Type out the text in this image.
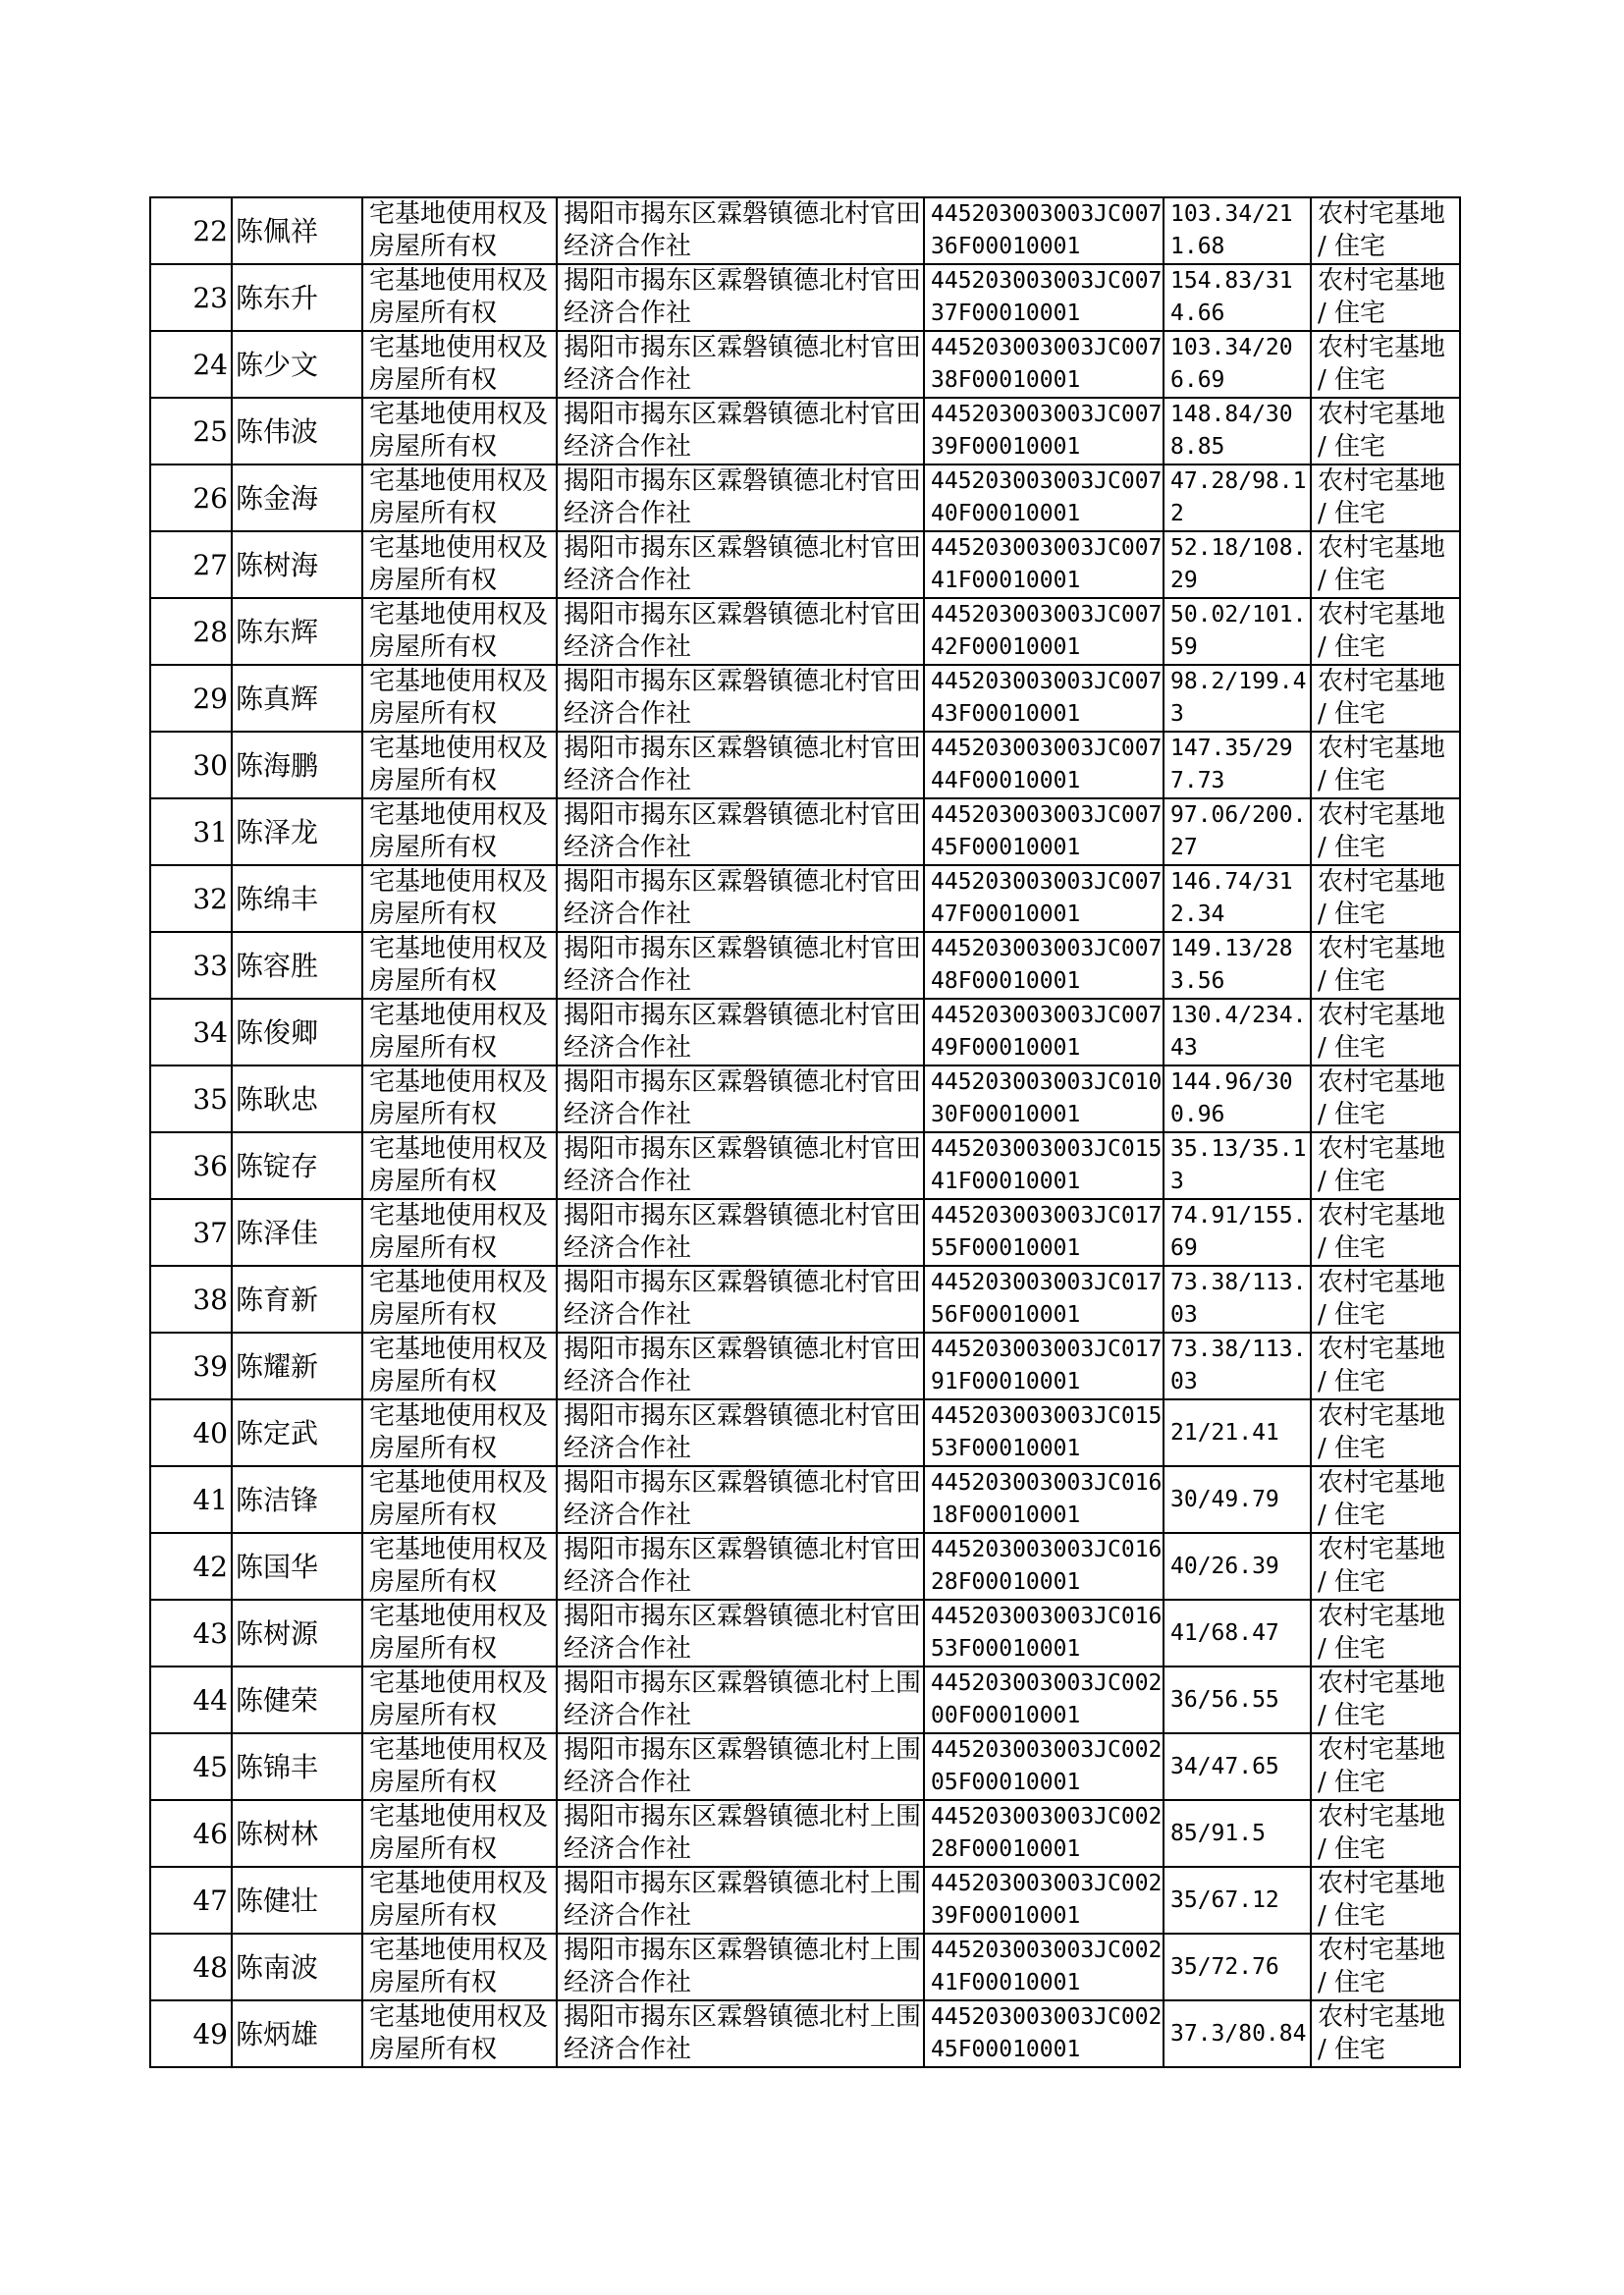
22	陈佩祥	宅基地使用权及房屋所有权	揭阳市揭东区霖磐镇德北村官田经济合作社	445203003003JC00736F00010001	103.34/211.68	农村宅基地 / 住宅

23	陈东升	宅基地使用权及房屋所有权	揭阳市揭东区霖磐镇德北村官田经济合作社	445203003003JC00737F00010001	154.83/314.66	农村宅基地 / 住宅

24	陈少文	宅基地使用权及房屋所有权	揭阳市揭东区霖磐镇德北村官田经济合作社	445203003003JC00738F00010001	103.34/206.69	农村宅基地 / 住宅

25	陈伟波	宅基地使用权及房屋所有权	揭阳市揭东区霖磐镇德北村官田经济合作社	445203003003JC00739F00010001	148.84/308.85	农村宅基地 / 住宅

26	陈金海	宅基地使用权及房屋所有权	揭阳市揭东区霖磐镇德北村官田经济合作社	445203003003JC00740F00010001	47.28/98.12	农村宅基地 / 住宅

27	陈树海	宅基地使用权及房屋所有权	揭阳市揭东区霖磐镇德北村官田经济合作社	445203003003JC00741F00010001	52.18/108.29	农村宅基地 / 住宅

28	陈东辉	宅基地使用权及房屋所有权	揭阳市揭东区霖磐镇德北村官田经济合作社	445203003003JC00742F00010001	50.02/101.59	农村宅基地 / 住宅

29	陈真辉	宅基地使用权及房屋所有权	揭阳市揭东区霖磐镇德北村官田经济合作社	445203003003JC00743F00010001	98.2/199.43	农村宅基地 / 住宅

30	陈海鹏	宅基地使用权及房屋所有权	揭阳市揭东区霖磐镇德北村官田经济合作社	445203003003JC00744F00010001	147.35/297.73	农村宅基地 / 住宅

31	陈泽龙	宅基地使用权及房屋所有权	揭阳市揭东区霖磐镇德北村官田经济合作社	445203003003JC00745F00010001	97.06/200.27	农村宅基地 / 住宅

32	陈绵丰	宅基地使用权及房屋所有权	揭阳市揭东区霖磐镇德北村官田经济合作社	445203003003JC00747F00010001	146.74/312.34	农村宅基地 / 住宅

33	陈容胜	宅基地使用权及房屋所有权	揭阳市揭东区霖磐镇德北村官田经济合作社	445203003003JC00748F00010001	149.13/283.56	农村宅基地 / 住宅

34	陈俊卿	宅基地使用权及房屋所有权	揭阳市揭东区霖磐镇德北村官田经济合作社	445203003003JC00749F00010001	130.4/234.43	农村宅基地 / 住宅

35	陈耿忠	宅基地使用权及房屋所有权	揭阳市揭东区霖磐镇德北村官田经济合作社	445203003003JC01030F00010001	144.96/300.96	农村宅基地 / 住宅

36	陈锭存	宅基地使用权及房屋所有权	揭阳市揭东区霖磐镇德北村官田经济合作社	445203003003JC01541F00010001	35.13/35.13	农村宅基地 / 住宅

37	陈泽佳	宅基地使用权及房屋所有权	揭阳市揭东区霖磐镇德北村官田经济合作社	445203003003JC01755F00010001	74.91/155.69	农村宅基地 / 住宅

38	陈育新	宅基地使用权及房屋所有权	揭阳市揭东区霖磐镇德北村官田经济合作社	445203003003JC01756F00010001	73.38/113.03	农村宅基地 / 住宅

39	陈耀新	宅基地使用权及房屋所有权	揭阳市揭东区霖磐镇德北村官田经济合作社	445203003003JC01791F00010001	73.38/113.03	农村宅基地 / 住宅

40	陈定武	宅基地使用权及房屋所有权	揭阳市揭东区霖磐镇德北村官田经济合作社	445203003003JC01553F00010001	21/21.41	农村宅基地 / 住宅

41	陈洁锋	宅基地使用权及房屋所有权	揭阳市揭东区霖磐镇德北村官田经济合作社	445203003003JC01618F00010001	30/49.79	农村宅基地 / 住宅

42	陈国华	宅基地使用权及房屋所有权	揭阳市揭东区霖磐镇德北村官田经济合作社	445203003003JC01628F00010001	40/26.39	农村宅基地 / 住宅

43	陈树源	宅基地使用权及房屋所有权	揭阳市揭东区霖磐镇德北村官田经济合作社	445203003003JC01653F00010001	41/68.47	农村宅基地 / 住宅

44	陈健荣	宅基地使用权及房屋所有权	揭阳市揭东区霖磐镇德北村上围经济合作社	445203003003JC00200F00010001	36/56.55	农村宅基地 / 住宅

45	陈锦丰	宅基地使用权及房屋所有权	揭阳市揭东区霖磐镇德北村上围经济合作社	445203003003JC00205F00010001	34/47.65	农村宅基地 / 住宅

46	陈树林	宅基地使用权及房屋所有权	揭阳市揭东区霖磐镇德北村上围经济合作社	445203003003JC00228F00010001	85/91.5	农村宅基地 / 住宅

47	陈健壮	宅基地使用权及房屋所有权	揭阳市揭东区霖磐镇德北村上围经济合作社	445203003003JC00239F00010001	35/67.12	农村宅基地 / 住宅

48	陈南波	宅基地使用权及房屋所有权	揭阳市揭东区霖磐镇德北村上围经济合作社	445203003003JC00241F00010001	35/72.76	农村宅基地 / 住宅

49	陈炳雄	宅基地使用权及房屋所有权	揭阳市揭东区霖磐镇德北村上围经济合作社	445203003003JC00245F00010001	37.3/80.84	农村宅基地 / 住宅
